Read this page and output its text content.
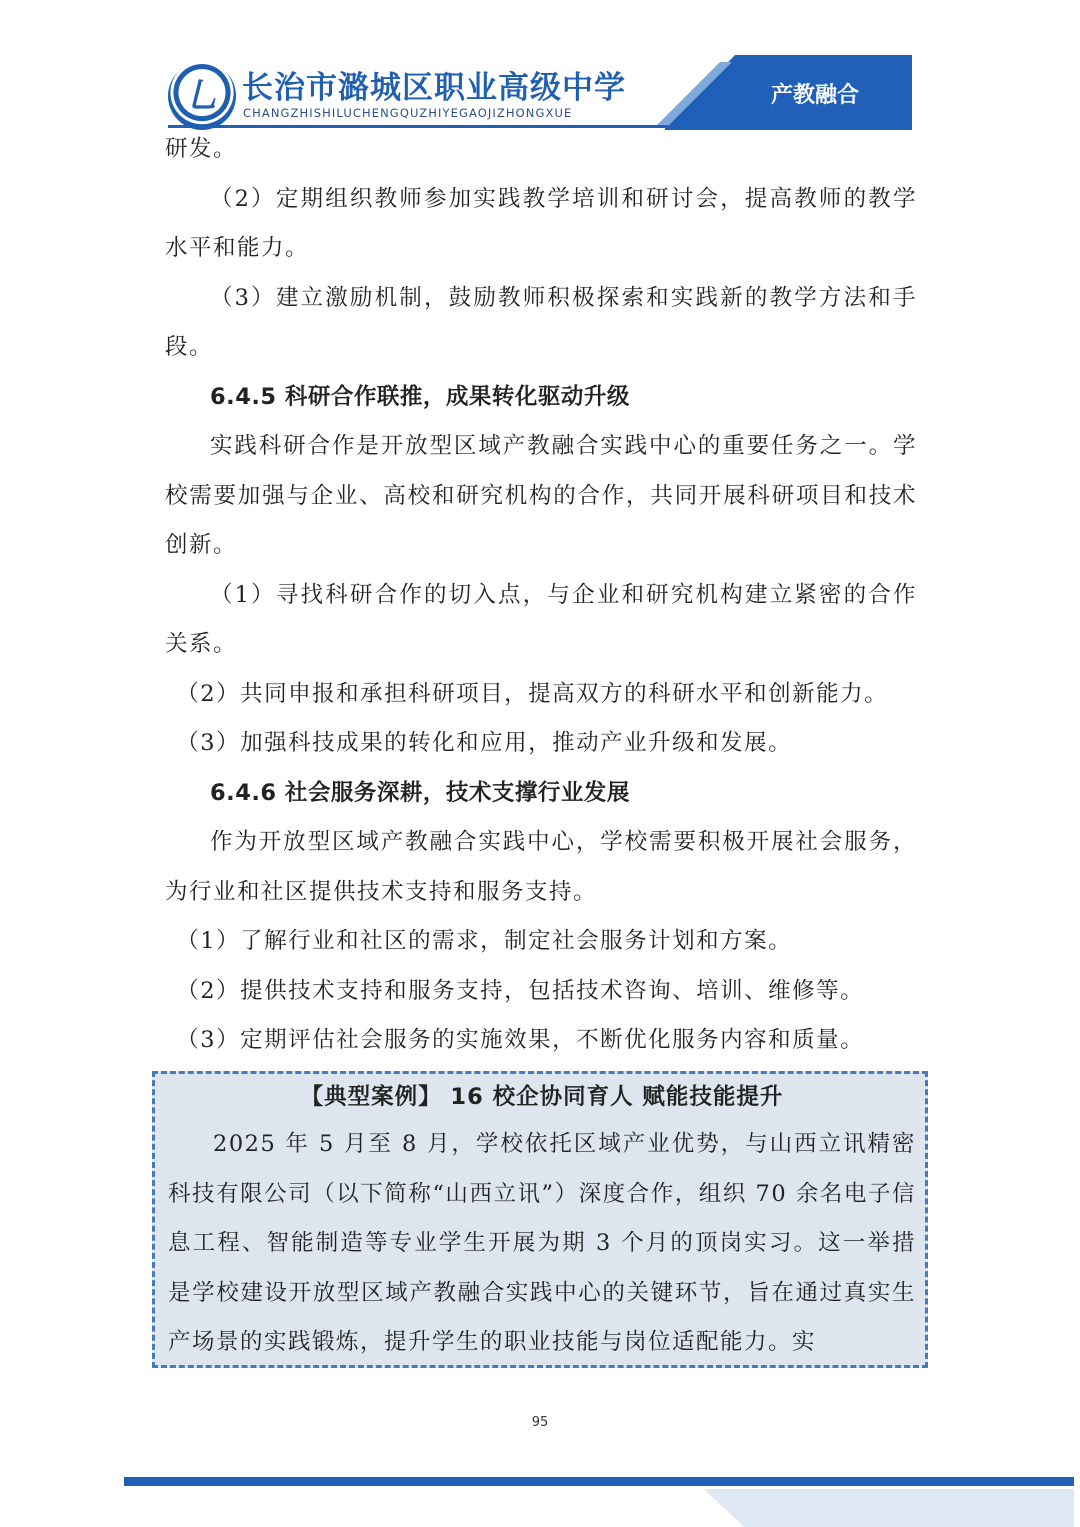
乚 长治市潞城区职业高级中学
CHANGZHISHILUCHENGQUZHIYEGAOJIZHONGXUE
产教融合

研发。

（2）定期组织教师参加实践教学培训和研讨会，提高教师的教学水平和能力。

（3）建立激励机制，鼓励教师积极探索和实践新的教学方法和手段。

6.4.5 科研合作联推，成果转化驱动升级

实践科研合作是开放型区域产教融合实践中心的重要任务之一。学校需要加强与企业、高校和研究机构的合作，共同开展科研项目和技术创新。

（1）寻找科研合作的切入点，与企业和研究机构建立紧密的合作关系。

（2）共同申报和承担科研项目，提高双方的科研水平和创新能力。

（3）加强科技成果的转化和应用，推动产业升级和发展。

6.4.6 社会服务深耕，技术支撑行业发展

作为开放型区域产教融合实践中心，学校需要积极开展社会服务，为行业和社区提供技术支持和服务支持。

（1）了解行业和社区的需求，制定社会服务计划和方案。

（2）提供技术支持和服务支持，包括技术咨询、培训、维修等。

（3）定期评估社会服务的实施效果，不断优化服务内容和质量。

【典型案例】 16 校企协同育人 赋能技能提升

2025 年 5 月至 8 月，学校依托区域产业优势，与山西立讯精密科技有限公司（以下简称“山西立讯”）深度合作，组织 70 余名电子信息工程、智能制造等专业学生开展为期 3 个月的顶岗实习。这一举措是学校建设开放型区域产教融合实践中心的关键环节，旨在通过真实生产场景的实践锻炼，提升学生的职业技能与岗位适配能力。实

95
